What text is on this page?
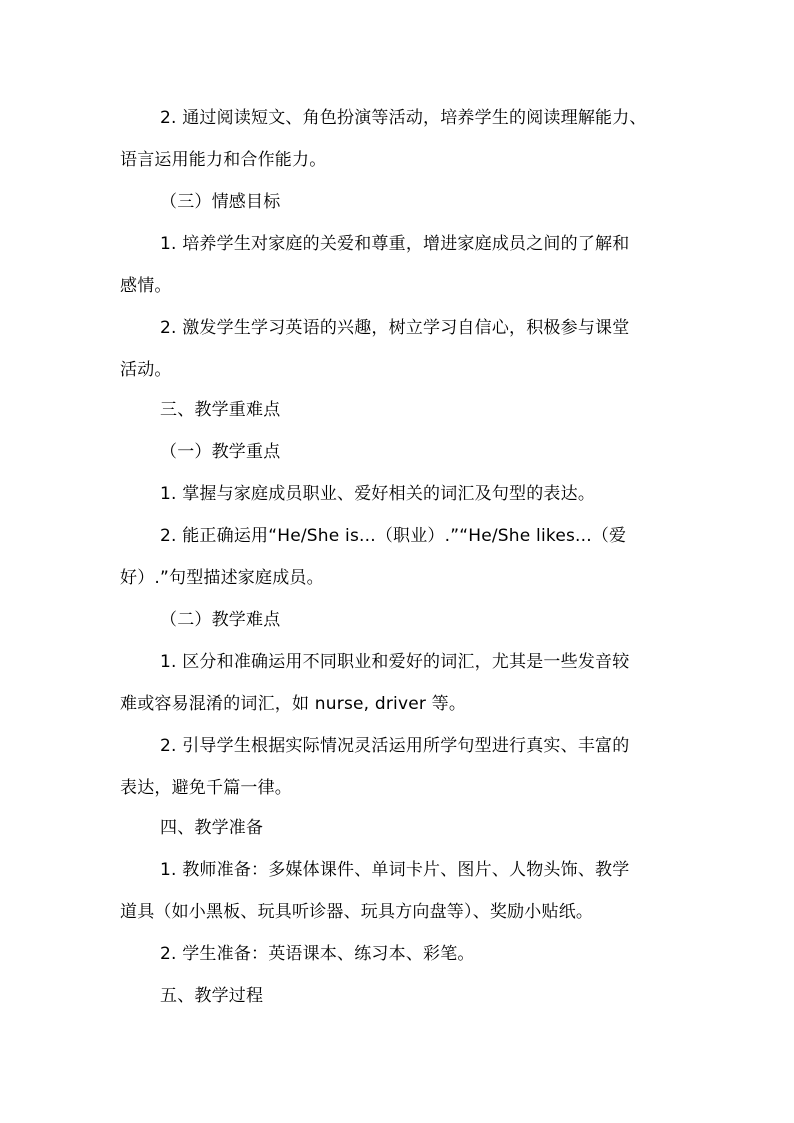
2. 通过阅读短文、角色扮演等活动，培养学生的阅读理解能力、
语言运用能力和合作能力。
（三）情感目标
1. 培养学生对家庭的关爱和尊重，增进家庭成员之间的了解和
感情。
2. 激发学生学习英语的兴趣，树立学习自信心，积极参与课堂
活动。
三、教学重难点
（一）教学重点
1. 掌握与家庭成员职业、爱好相关的词汇及句型的表达。
2. 能正确运用“He/She is...（职业）.”“He/She likes...（爱
好）.”句型描述家庭成员。
（二）教学难点
1. 区分和准确运用不同职业和爱好的词汇，尤其是一些发音较
难或容易混淆的词汇，如 nurse, driver 等。
2. 引导学生根据实际情况灵活运用所学句型进行真实、丰富的
表达，避免千篇一律。
四、教学准备
1. 教师准备：多媒体课件、单词卡片、图片、人物头饰、教学
道具（如小黑板、玩具听诊器、玩具方向盘等）、奖励小贴纸。
2. 学生准备：英语课本、练习本、彩笔。
五、教学过程
